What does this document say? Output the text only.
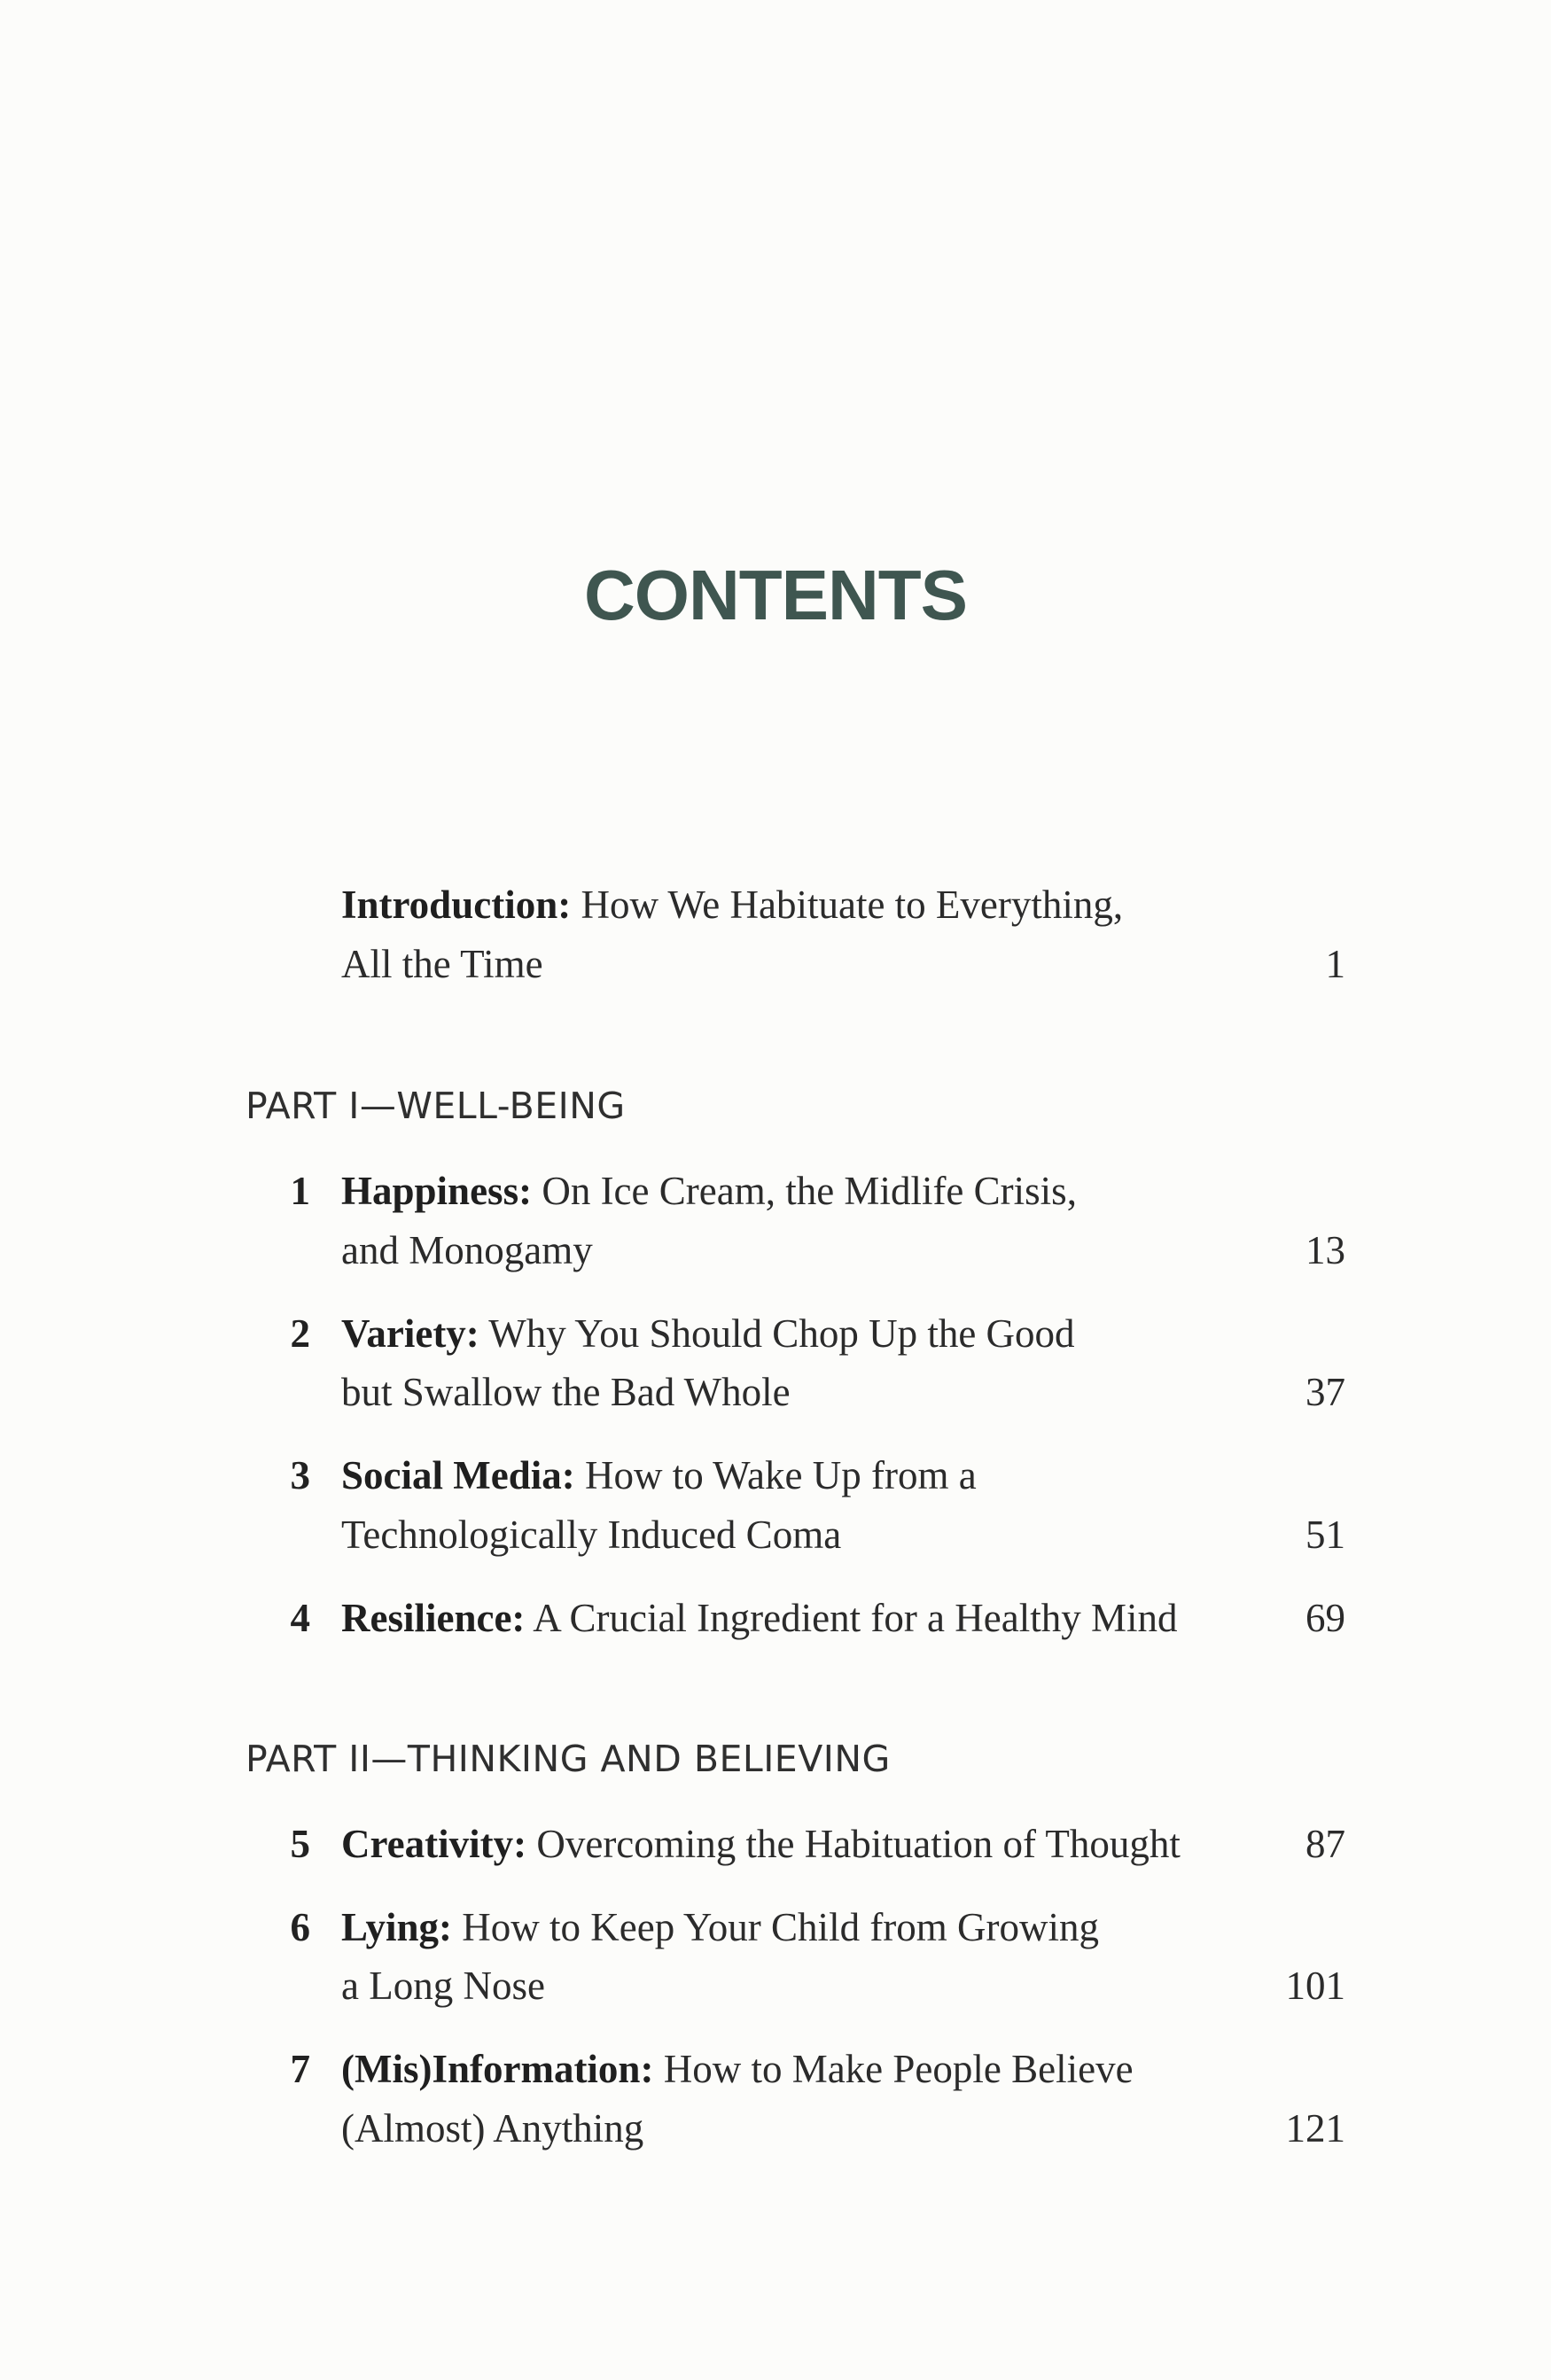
CONTENTS
Introduction: How We Habituate to Everything,
All the Time	1
PART I—WELL-BEING
1 Happiness: On Ice Cream, the Midlife Crisis,
and Monogamy	13
2 Variety: Why You Should Chop Up the Good
but Swallow the Bad Whole	37
3 Social Media: How to Wake Up from a
Technologically Induced Coma	51
4 Resilience: A Crucial Ingredient for a Healthy Mind	69
PART II—THINKING AND BELIEVING
5 Creativity: Overcoming the Habituation of Thought	87
6 Lying: How to Keep Your Child from Growing
a Long Nose	101
7 (Mis)Information: How to Make People Believe
(Almost) Anything	121
